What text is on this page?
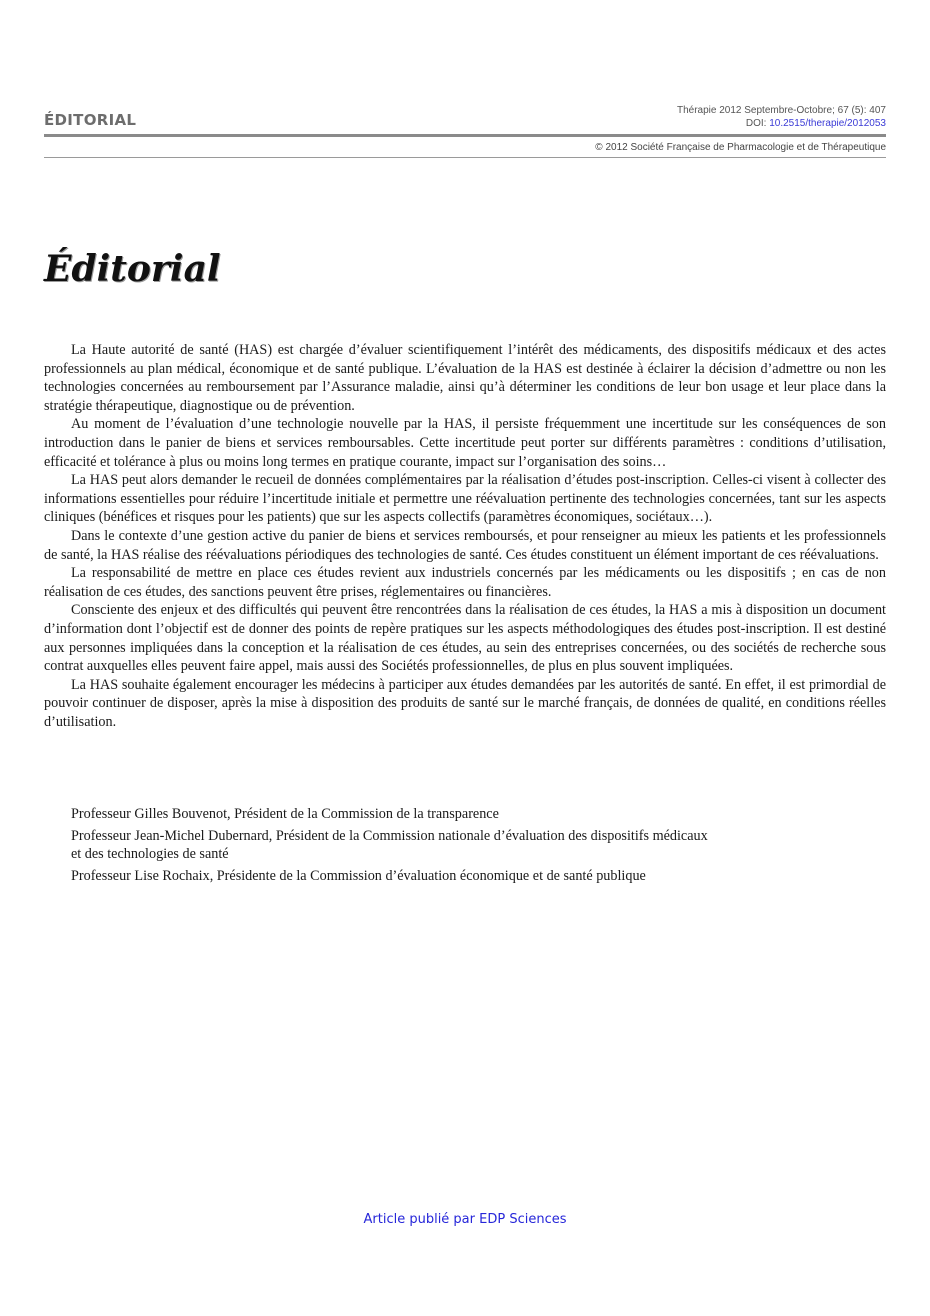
ÉDITORIAL
Thérapie 2012 Septembre-Octobre; 67 (5): 407
DOI: 10.2515/therapie/2012053
© 2012 Société Française de Pharmacologie et de Thérapeutique
Éditorial

La Haute autorité de santé (HAS) est chargée d’évaluer scientifiquement l’intérêt des médicaments, des dispositifs médicaux et des actes professionnels au plan médical, économique et de santé publique. L’évaluation de la HAS est destinée à éclairer la décision d’admettre ou non les technologies concernées au remboursement par l’Assurance maladie, ainsi qu’à déterminer les conditions de leur bon usage et leur place dans la stratégie thérapeutique, diagnostique ou de prévention.

Au moment de l’évaluation d’une technologie nouvelle par la HAS, il persiste fréquemment une incertitude sur les conséquences de son introduction dans le panier de biens et services remboursables. Cette incertitude peut porter sur différents paramètres : conditions d’utilisation, efficacité et tolérance à plus ou moins long termes en pratique courante, impact sur l’organisation des soins…

La HAS peut alors demander le recueil de données complémentaires par la réalisation d’études post-inscription. Celles-ci visent à collecter des informations essentielles pour réduire l’incertitude initiale et permettre une réévaluation pertinente des technologies concernées, tant sur les aspects cliniques (bénéfices et risques pour les patients) que sur les aspects collectifs (paramètres économiques, sociétaux…).

Dans le contexte d’une gestion active du panier de biens et services remboursés, et pour renseigner au mieux les patients et les professionnels de santé, la HAS réalise des réévaluations périodiques des technologies de santé. Ces études constituent un élément important de ces réévaluations.

La responsabilité de mettre en place ces études revient aux industriels concernés par les médicaments ou les dispositifs ; en cas de non réalisation de ces études, des sanctions peuvent être prises, réglementaires ou financières.

Consciente des enjeux et des difficultés qui peuvent être rencontrées dans la réalisation de ces études, la HAS a mis à disposition un document d’information dont l’objectif est de donner des points de repère pratiques sur les aspects méthodologiques des études post-inscription. Il est destiné aux personnes impliquées dans la conception et la réalisation de ces études, au sein des entreprises concernées, ou des sociétés de recherche sous contrat auxquelles elles peuvent faire appel, mais aussi des Sociétés professionnelles, de plus en plus souvent impliquées.

La HAS souhaite également encourager les médecins à participer aux études demandées par les autorités de santé. En effet, il est primordial de pouvoir continuer de disposer, après la mise à disposition des produits de santé sur le marché français, de données de qualité, en conditions réelles d’utilisation.

Professeur Gilles Bouvenot, Président de la Commission de la transparence
Professeur Jean-Michel Dubernard, Président de la Commission nationale d’évaluation des dispositifs médicaux
et des technologies de santé
Professeur Lise Rochaix, Présidente de la Commission d’évaluation économique et de santé publique
Article publié par EDP Sciences
